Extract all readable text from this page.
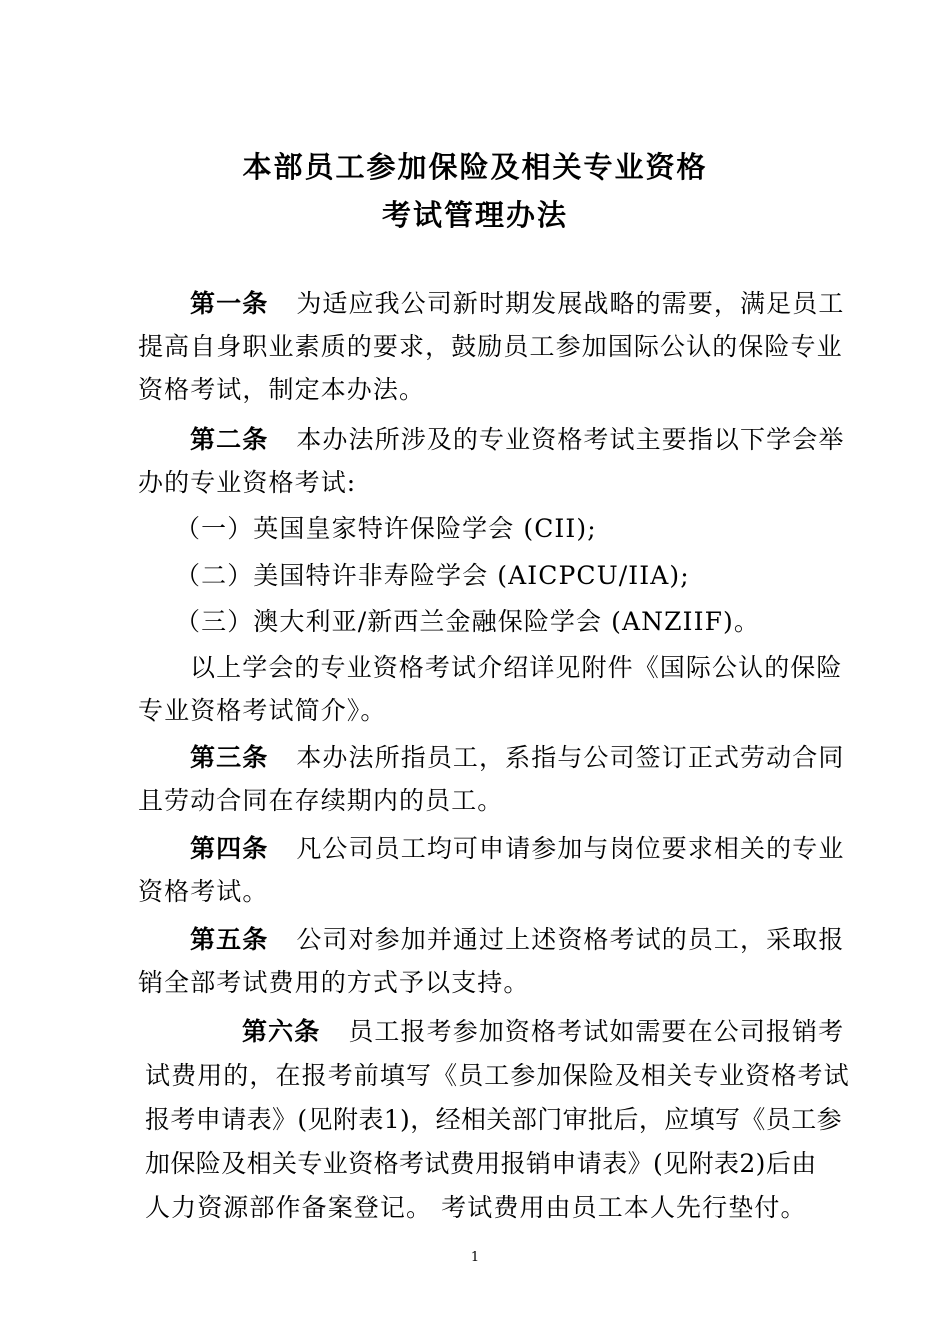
本部员工参加保险及相关专业资格
考试管理办法
第一条 为适应我公司新时期发展战略的需要，满足员工
提高自身职业素质的要求，鼓励员工参加国际公认的保险专业
资格考试，制定本办法。
第二条 本办法所涉及的专业资格考试主要指以下学会举
办的专业资格考试:
（一）英国皇家特许保险学会 (CII);
（二）美国特许非寿险学会 (AICPCU/IIA);
（三）澳大利亚/新西兰金融保险学会 (ANZIIF)。
以上学会的专业资格考试介绍详见附件《国际公认的保险
专业资格考试简介》。
第三条 本办法所指员工，系指与公司签订正式劳动合同
且劳动合同在存续期内的员工。
第四条 凡公司员工均可申请参加与岗位要求相关的专业
资格考试。
第五条 公司对参加并通过上述资格考试的员工，采取报
销全部考试费用的方式予以支持。
第六条 员工报考参加资格考试如需要在公司报销考
试费用的，在报考前填写《员工参加保险及相关专业资格考试
报考申请表》(见附表1)，经相关部门审批后，应填写《员工参
加保险及相关专业资格考试费用报销申请表》(见附表2)后由
人力资源部作备案登记。 考试费用由员工本人先行垫付。
1
